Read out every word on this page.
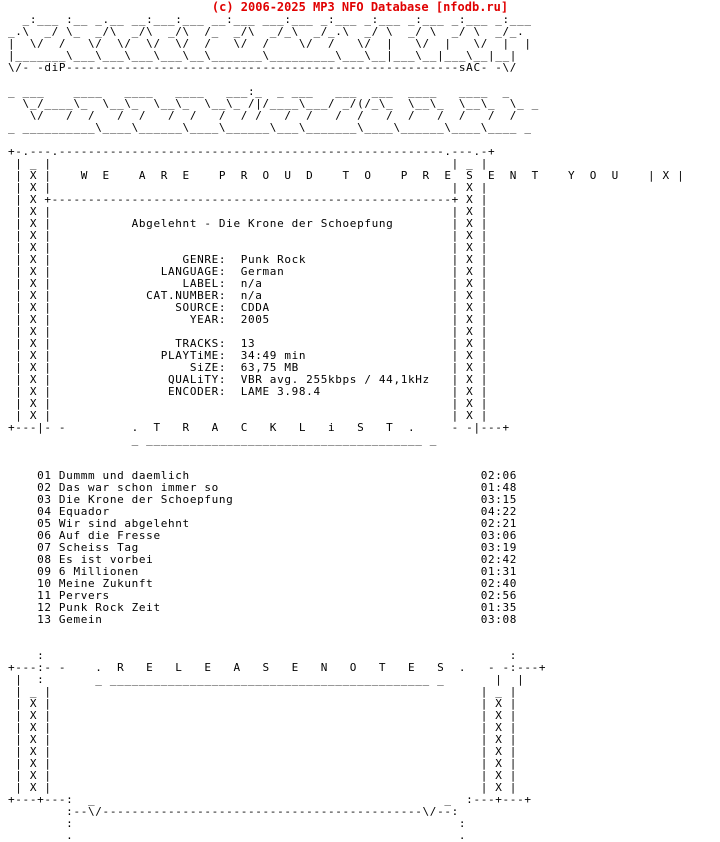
(c) 2006-2025 MP3 NFO Database [nfodb.ru]
_:___ :__ _.__ __:___:___ __:___ ___:___ _:___ _:___ _:___ _:___ _:___
_.\  _/ \_  _/\  _/\  _/\  /_  _/\  _/_\  _/_.\  _/ \  _/ \  _/ \  _/_.
|  \/  /   \/  \/  \/  \/  /   \/  /    \/  /   \/  |   \/  |   \/  |  |
|_______\___\___\___\___\__\_______\_________\___\__|___\__|___\__|__|
\/- -diP------------------------------------------------------sAC- -\/
_ ___    ____   ____   ____   ___:_  _ ___   ___  ___  ____   ____  _
\_/____\_  \__\_  \__\_  \__\_ /|/____\___/ _/(/_\_  \__\_  \__\_  \_ _
\/   /  /   /  /   /  /   /  / /   /  /   /  /   /  /   /  /   /  /
_ __________\____\______\____\______\___\_______\____\______\____\____ _
+-.---.-----------------------------------------------------.---.-+
| _ |                                                       | _ |
| X |    W  E    A  R  E    P  R  O  U  D    T  O    P  R  E  S  E  N  T    Y  O  U    | X |
| X |                                                       | X |
| X +-------------------------------------------------------+ X |
| X |                                                       | X |
| X |           Abgelehnt - Die Krone der Schoepfung        | X |
| X |                                                       | X |
| X |                                                       | X |
| X |                  GENRE:  Punk Rock                    | X |
| X |               LANGUAGE:  German                       | X |
| X |                  LABEL:  n/a                          | X |
| X |             CAT.NUMBER:  n/a                          | X |
| X |                 SOURCE:  CDDA                         | X |
| X |                   YEAR:  2005                         | X |
| X |                                                       | X |
| X |                 TRACKS:  13                           | X |
| X |               PLAYTiME:  34:49 min                    | X |
| X |                   SiZE:  63,75 MB                     | X |
| X |                QUALiTY:  VBR avg. 255kbps / 44,1kHz   | X |
| X |                ENCODER:  LAME 3.98.4                  | X |
| X |                                                       | X |
| X |                                                       | X |
+---|- -         .  T   R   A   C   K   L   i   S   T  .     - -|---+
_ ______________________________________ _
01 Dummm und daemlich                                        02:06
02 Das war schon immer so                                    01:48
03 Die Krone der Schoepfung                                  03:15
04 Equador                                                   04:22
05 Wir sind abgelehnt                                        02:21
06 Auf die Fresse                                            03:06
07 Scheiss Tag                                               03:19
08 Es ist vorbei                                             02:42
09 6 Millionen                                               01:31
10 Meine Zukunft                                             02:40
11 Pervers                                                   02:56
12 Punk Rock Zeit                                            01:35
13 Gemein                                                    03:08
:                                                                :
+---:- -    .  R   E   L   E   A   S   E   N   O   T   E   S  .   - -:---+
|  :       _ ____________________________________________ _       |  |
| _ |                                                           | _ |
| X |                                                           | X |
| X |                                                           | X |
| X |                                                           | X |
| X |                                                           | X |
| X |                                                           | X |
| X |                                                           | X |
| X |                                                           | X |
| X |                                                           | X |
+---+---:  _                                                _  :---+---+
:--\/--------------------------------------------\/--:
:                                                     :
.                                                     .
